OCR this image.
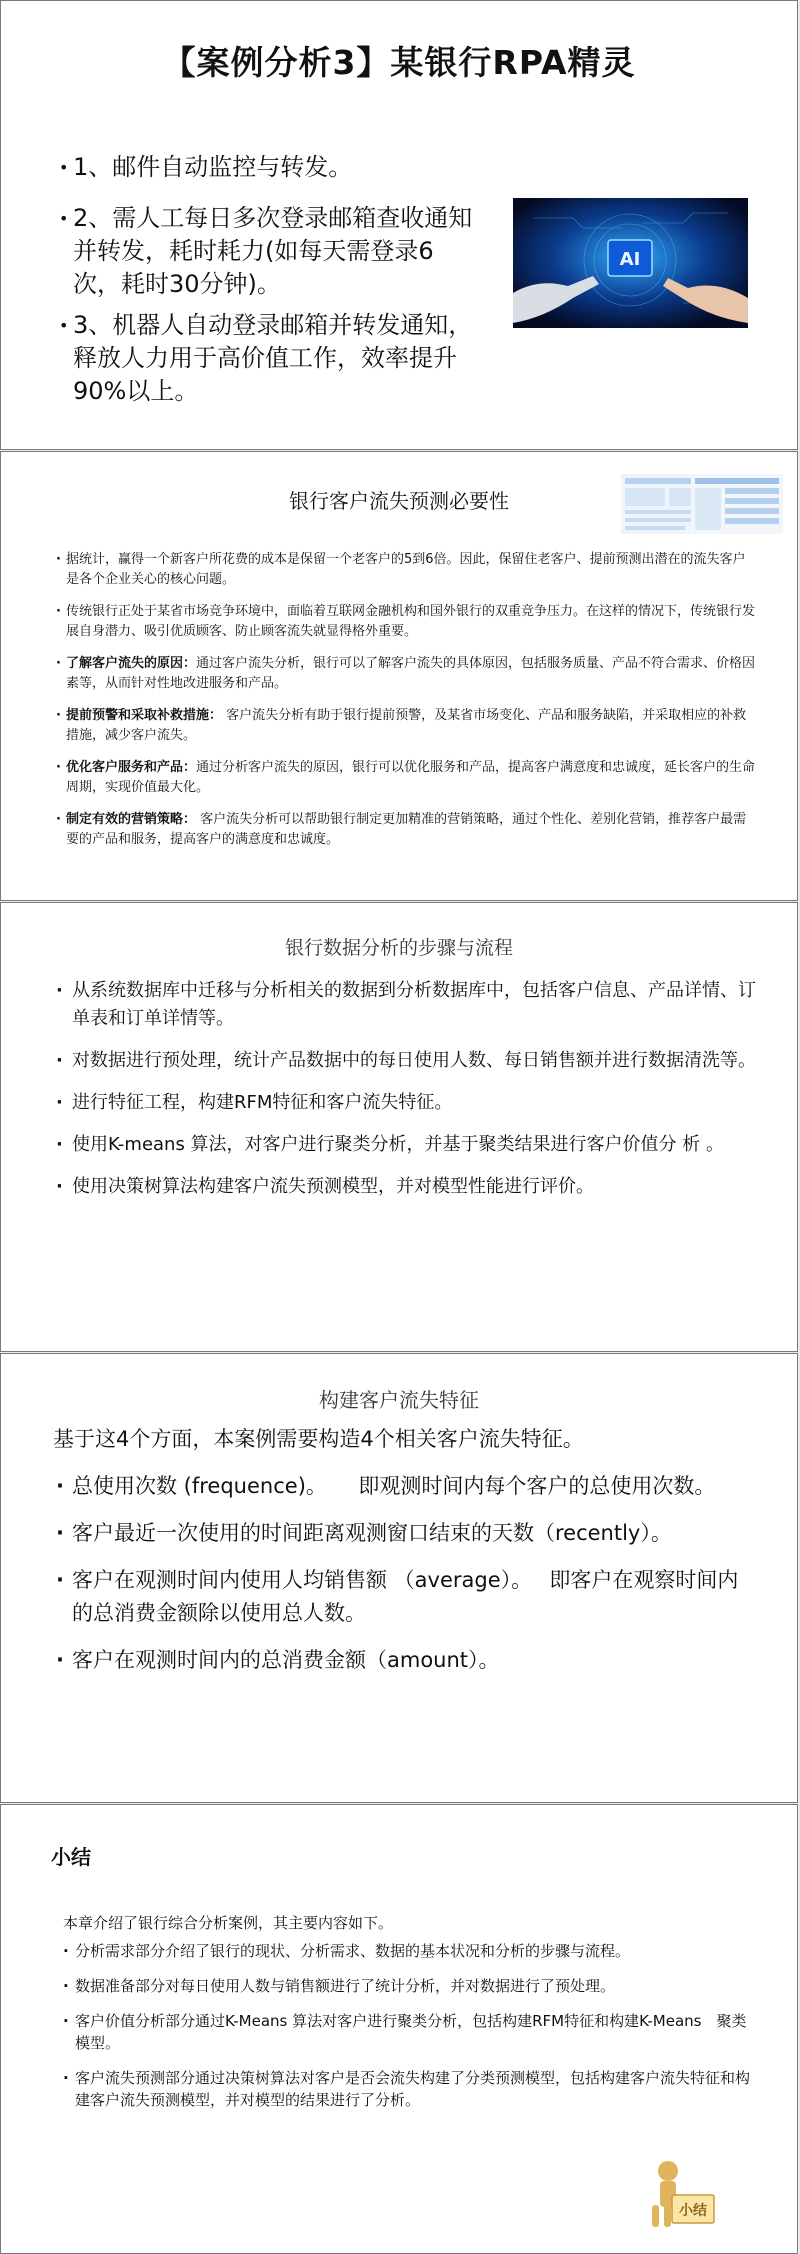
【案例分析3】某银行RPA精灵
• 1、邮件自动监控与转发。
• 2、需人工每日多次登录邮箱查收通知并转发，耗时耗力(如每天需登录6次，耗时30分钟)。
• 3、机器人自动登录邮箱并转发通知，释放人力用于高价值工作，效率提升90%以上。
AI
银行客户流失预测必要性
· 据统计，赢得一个新客户所花费的成本是保留一个老客户的5到6倍。因此，保留住老客户、提前预测出潜在的流失客户是各个企业关心的核心问题。
· 传统银行正处于某省市场竞争环境中，面临着互联网金融机构和国外银行的双重竞争压力。在这样的情况下，传统银行发展自身潜力、吸引优质顾客、防止顾客流失就显得格外重要。
· 了解客户流失的原因：通过客户流失分析，银行可以了解客户流失的具体原因，包括服务质量、产品不符合需求、价格因素等，从而针对性地改进服务和产品。
· 提前预警和采取补救措施： 客户流失分析有助于银行提前预警，及某省市场变化、产品和服务缺陷，并采取相应的补救措施，减少客户流失。
· 优化客户服务和产品：通过分析客户流失的原因，银行可以优化服务和产品，提高客户满意度和忠诚度，延长客户的生命周期，实现价值最大化。
· 制定有效的营销策略： 客户流失分析可以帮助银行制定更加精准的营销策略，通过个性化、差别化营销，推荐客户最需要的产品和服务，提高客户的满意度和忠诚度。
银行数据分析的步骤与流程
· 从系统数据库中迁移与分析相关的数据到分析数据库中，包括客户信息、产品详情、订单表和订单详情等。
· 对数据进行预处理，统计产品数据中的每日使用人数、每日销售额并进行数据清洗等。
· 进行特征工程，构建RFM特征和客户流失特征。
· 使用K-means 算法，对客户进行聚类分析，并基于聚类结果进行客户价值分 析 。
· 使用决策树算法构建客户流失预测模型，并对模型性能进行评价。
构建客户流失特征
基于这4个方面，本案例需要构造4个相关客户流失特征。
· 总使用次数 (frequence)。　　即观测时间内每个客户的总使用次数。
· 客户最近一次使用的时间距离观测窗口结束的天数（recently）。
· 客户在观测时间内使用人均销售额 （average）。　 即客户在观察时间内的总消费金额除以使用总人数。
· 客户在观测时间内的总消费金额（amount）。
小结
本章介绍了银行综合分析案例，其主要内容如下。
· 分析需求部分介绍了银行的现状、分析需求、数据的基本状况和分析的步骤与流程。
· 数据准备部分对每日使用人数与销售额进行了统计分析，并对数据进行了预处理。
· 客户价值分析部分通过K-Means 算法对客户进行聚类分析，包括构建RFM特征和构建K-Means　聚类模型。
· 客户流失预测部分通过决策树算法对客户是否会流失构建了分类预测模型，包括构建客户流失特征和构建客户流失预测模型，并对模型的结果进行了分析。
小结
